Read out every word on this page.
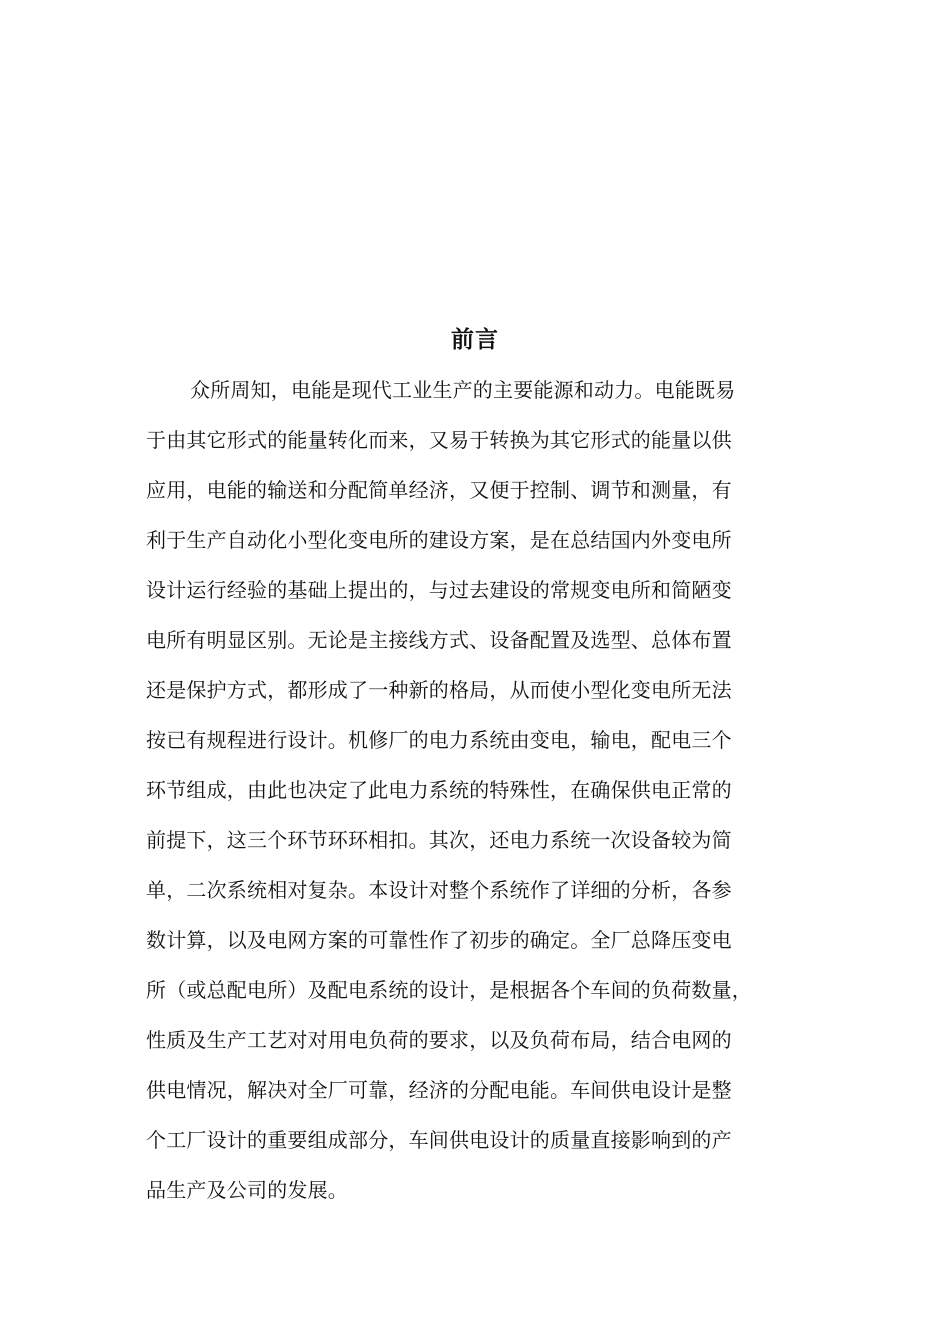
前言
众所周知，电能是现代工业生产的主要能源和动力。电能既易
于由其它形式的能量转化而来，又易于转换为其它形式的能量以供
应用，电能的输送和分配简单经济，又便于控制、调节和测量，有
利于生产自动化小型化变电所的建设方案，是在总结国内外变电所
设计运行经验的基础上提出的，与过去建设的常规变电所和简陋变
电所有明显区别。无论是主接线方式、设备配置及选型、总体布置
还是保护方式，都形成了一种新的格局，从而使小型化变电所无法
按已有规程进行设计。机修厂的电力系统由变电，输电，配电三个
环节组成，由此也决定了此电力系统的特殊性，在确保供电正常的
前提下，这三个环节环环相扣。其次，还电力系统一次设备较为简
单，二次系统相对复杂。本设计对整个系统作了详细的分析，各参
数计算，以及电网方案的可靠性作了初步的确定。全厂总降压变电
所（或总配电所）及配电系统的设计，是根据各个车间的负荷数量，
性质及生产工艺对对用电负荷的要求，以及负荷布局，结合电网的
供电情况，解决对全厂可靠，经济的分配电能。车间供电设计是整
个工厂设计的重要组成部分，车间供电设计的质量直接影响到的产
品生产及公司的发展。
